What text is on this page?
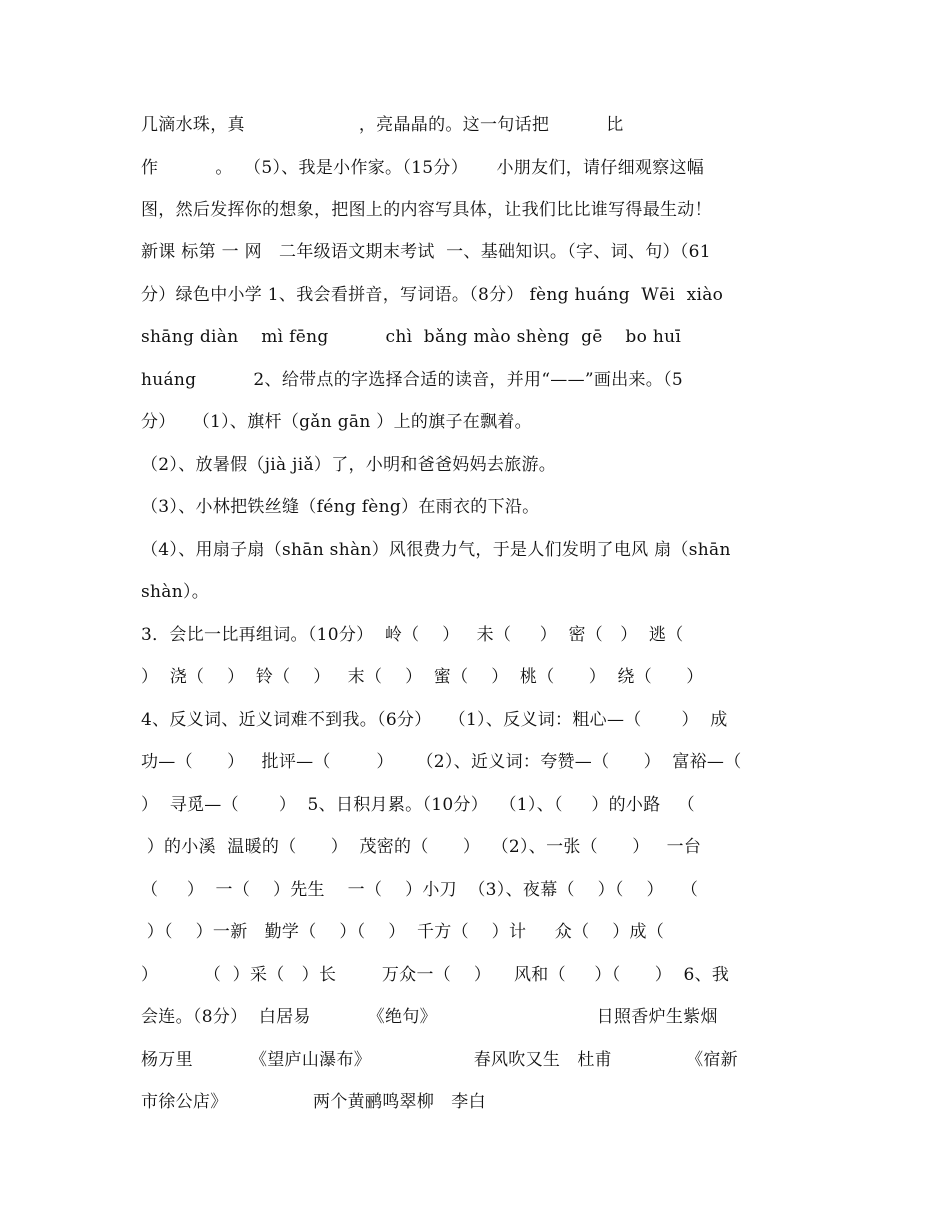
几滴水珠，真                    ，亮晶晶的。这一句话把          比
作          。  （5）、我是小作家。（15分）     小朋友们，请仔细观察这幅
图，然后发挥你的想象，把图上的内容写具体，让我们比比谁写得最生动！
新课 标第 一 网   二年级语文期末考试  一、基础知识。（字、词、句）（61
分）绿色中小学 1、我会看拼音，写词语。（8分） fèng huáng  Wēi  xiào
shāng diàn    mì fēng          chì  bǎng mào shèng  gē    bo huī
huáng          2、给带点的字选择合适的读音，并用“——”画出来。（5
分）   （1）、旗杆（gǎn gān ）上的旗子在飘着。
（2）、放暑假（jià jiǎ）了，小明和爸爸妈妈去旅游。
（3）、小林把铁丝缝（féng fèng）在雨衣的下沿。
（4）、用扇子扇（shān shàn）风很费力气，于是人们发明了电风 扇（shān
shàn）。
3．会比一比再组词。（10分）  岭（    ）   未（     ）  密（   ）  逃（
）  浇（    ）  铃（    ）   末（    ）  蜜（    ）  桃（      ）  绕（      ）
4、反义词、近义词难不到我。（6分）   （1）、反义词：粗心—（       ）  成
功—（      ）   批评—（        ）    （2）、近义词：夸赞—（      ）  富裕—（
）  寻觅—（       ）  5、日积月累。（10分）  （1）、（     ）的小路   （
）的小溪  温暖的（      ）  茂密的（      ）  （2）、一张（      ）   一台
（     ）  一（    ）先生    一（    ）小刀  （3）、夜幕（    ）（    ）   （
）（    ）一新   勤学（    ）（    ）  千方（    ）计     众（    ）成（
）        （  ）采（   ）长        万众一（    ）    风和（     ）（      ）  6、我
会连。（8分）  白居易          《绝句》                            日照香炉生紫烟
杨万里          《望庐山瀑布》                  春风吹又生   杜甫             《宿新
市徐公店》               两个黄鹂鸣翠柳   李白
